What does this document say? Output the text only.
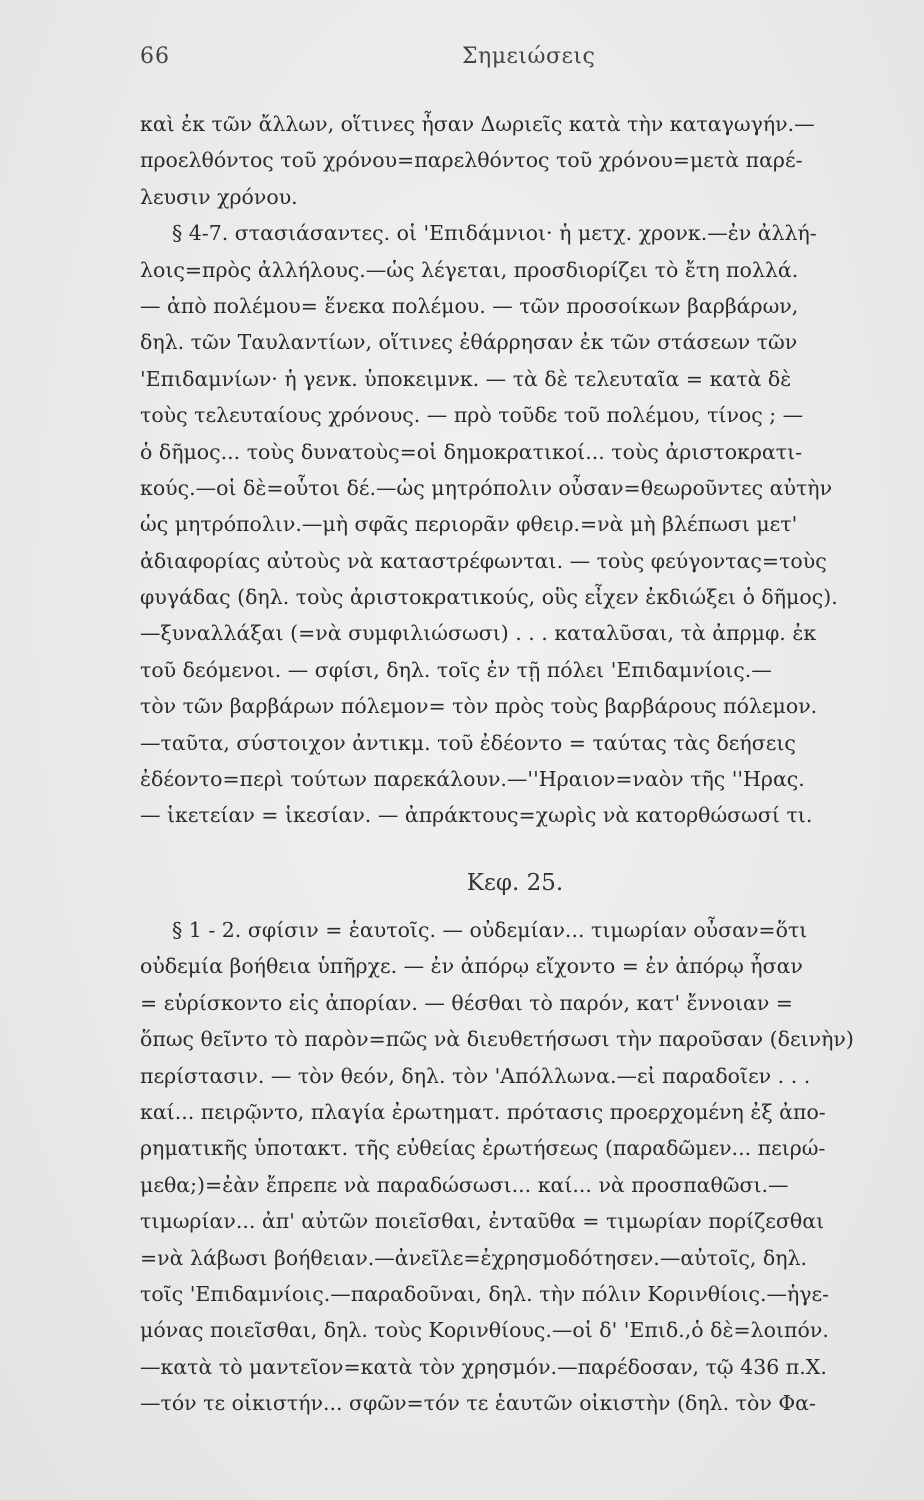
66	Σημειώσεις
καὶ ἐκ τῶν ἄλλων, οἵτινες ἦσαν Δωριεῖς κατὰ τὴν καταγωγήν.—
προελθόντος τοῦ χρόνου=παρελθόντος τοῦ χρόνου=μετὰ παρέ-
λευσιν χρόνου.
§ 4-7. στασιάσαντες. οἱ 'Επιδάμνιοι· ἡ μετχ. χρονκ.—ἐν ἀλλή-
λοις=πρὸς ἀλλήλους.—ὡς λέγεται, προσδιορίζει τὸ ἔτη πολλά.
— ἀπὸ πολέμου= ἕνεκα πολέμου. — τῶν προσοίκων βαρβάρων,
δηλ. τῶν Ταυλαντίων, οἵτινες ἐθάρρησαν ἐκ τῶν στάσεων τῶν
'Επιδαμνίων· ἡ γενκ. ὑποκειμνκ. — τὰ δὲ τελευταῖα = κατὰ δὲ
τοὺς τελευταίους χρόνους. — πρὸ τοῦδε τοῦ πολέμου, τίνος ; —
ὁ δῆμος... τοὺς δυνατοὺς=οἱ δημοκρατικοί... τοὺς ἀριστοκρατι-
κούς.—οἱ δὲ=οὗτοι δέ.—ὡς μητρόπολιν οὖσαν=θεωροῦντες αὐτὴν
ὡς μητρόπολιν.—μὴ σφᾶς περιορᾶν φθειρ.=νὰ μὴ βλέπωσι μετ'
ἀδιαφορίας αὐτοὺς νὰ καταστρέφωνται. — τοὺς φεύγοντας=τοὺς
φυγάδας (δηλ. τοὺς ἀριστοκρατικούς, οὓς εἶχεν ἐκδιώξει ὁ δῆμος).
—ξυναλλάξαι (=νὰ συμφιλιώσωσι) . . . καταλῦσαι, τὰ ἀπρμφ. ἐκ
τοῦ δεόμενοι. — σφίσι, δηλ. τοῖς ἐν τῇ πόλει 'Επιδαμνίοις.—
τὸν τῶν βαρβάρων πόλεμον= τὸν πρὸς τοὺς βαρβάρους πόλεμον.
—ταῦτα, σύστοιχον ἀντικμ. τοῦ ἐδέοντο = ταύτας τὰς δεήσεις
ἐδέοντο=περὶ τούτων παρεκάλουν.—''Ηραιον=ναὸν τῆς ''Ηρας.
— ἱκετείαν = ἱκεσίαν. — ἀπράκτους=χωρὶς νὰ κατορθώσωσί τι.
Κεφ. 25.
§ 1 - 2. σφίσιν = ἑαυτοῖς. — οὐδεμίαν... τιμωρίαν οὖσαν=ὅτι
οὐδεμία βοήθεια ὑπῆρχε. — ἐν ἀπόρῳ εἴχοντο = ἐν ἀπόρῳ ἦσαν
= εὑρίσκοντο εἰς ἀπορίαν. — θέσθαι τὸ παρόν, κατ' ἔννοιαν =
ὅπως θεῖντο τὸ παρὸν=πῶς νὰ διευθετήσωσι τὴν παροῦσαν (δεινὴν)
περίστασιν. — τὸν θεόν, δηλ. τὸν 'Απόλλωνα.—εἰ παραδοῖεν . . .
καί... πειρῷντο, πλαγία ἐρωτηματ. πρότασις προερχομένη ἐξ ἀπο-
ρηματικῆς ὑποτακτ. τῆς εὐθείας ἐρωτήσεως (παραδῶμεν... πειρώ-
μεθα;)=ἐὰν ἔπρεπε νὰ παραδώσωσι... καί... νὰ προσπαθῶσι.—
τιμωρίαν... ἀπ' αὐτῶν ποιεῖσθαι, ἐνταῦθα = τιμωρίαν πορίζεσθαι
=νὰ λάβωσι βοήθειαν.—ἀνεῖλε=ἐχρησμοδότησεν.—αὐτοῖς, δηλ.
τοῖς 'Επιδαμνίοις.—παραδοῦναι, δηλ. τὴν πόλιν Κορινθίοις.—ἡγε-
μόνας ποιεῖσθαι, δηλ. τοὺς Κορινθίους.—οἱ δ' 'Επιδ.,ὁ δὲ=λοιπόν.
—κατὰ τὸ μαντεῖον=κατὰ τὸν χρησμόν.—παρέδοσαν, τῷ 436 π.Χ.
—τόν τε οἰκιστήν... σφῶν=τόν τε ἑαυτῶν οἰκιστὴν (δηλ. τὸν Φα-
